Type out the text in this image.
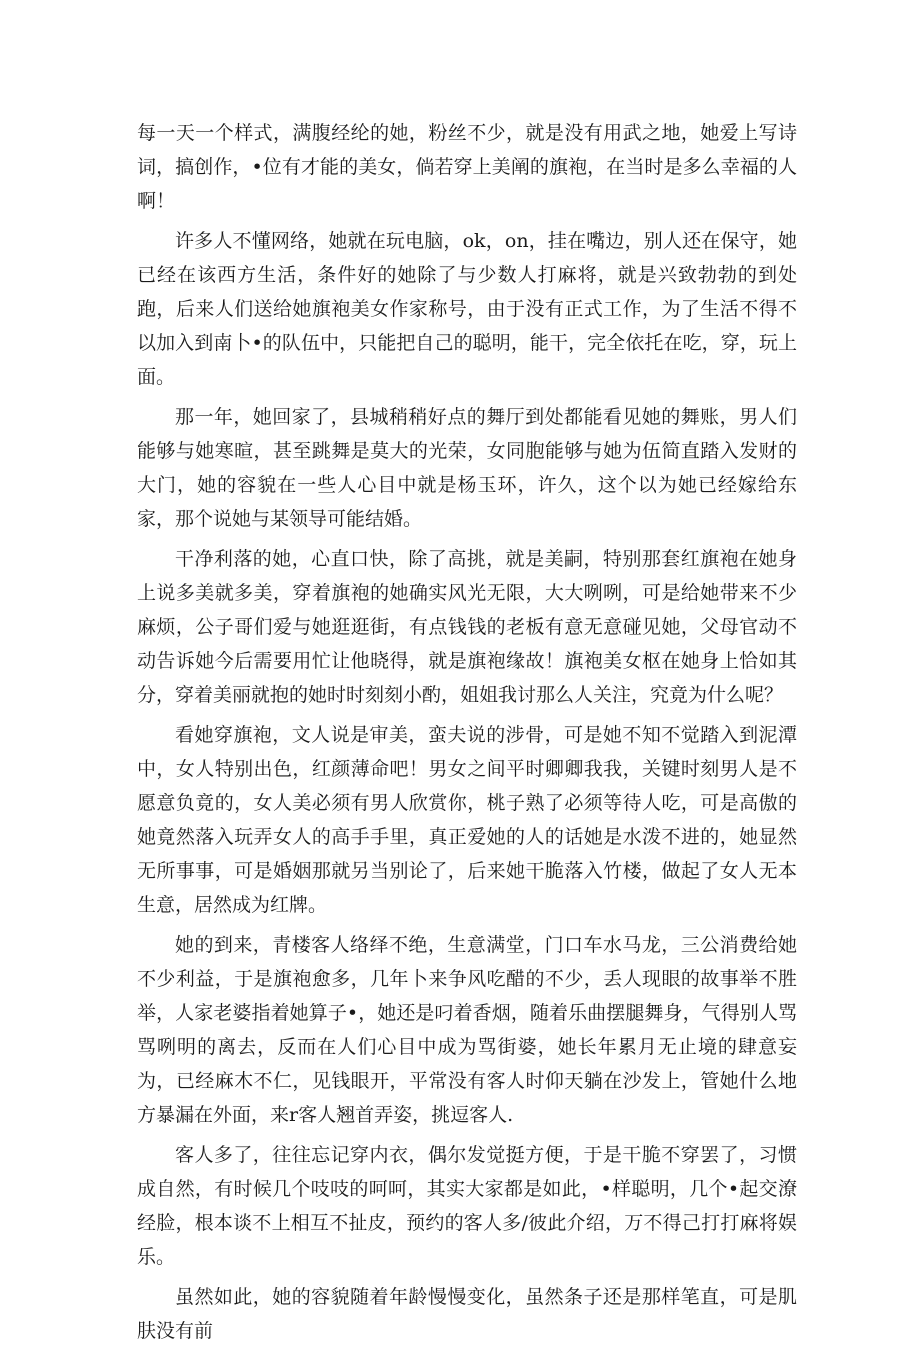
每一天一个样式，满腹经纶的她，粉丝不少，就是没有用武之地，她爱上写诗词，搞创作，•位有才能的美女，倘若穿上美阐的旗袍，在当时是多么幸福的人啊！

许多人不懂网络，她就在玩电脑，ok，on，挂在嘴边，别人还在保守，她已经在该西方生活，条件好的她除了与少数人打麻将，就是兴致勃勃的到处跑，后来人们送给她旗袍美女作家称号，由于没有正式工作，为了生活不得不以加入到南卜•的队伍中，只能把自己的聪明，能干，完全依托在吃，穿，玩上面。

那一年，她回家了，县城稍稍好点的舞厅到处都能看见她的舞账，男人们能够与她寒暄，甚至跳舞是莫大的光荣，女同胞能够与她为伍简直踏入发财的大门，她的容貌在一些人心目中就是杨玉环，许久，这个以为她已经嫁给东家，那个说她与某领导可能结婚。

干净利落的她，心直口快，除了高挑，就是美嗣，特别那套红旗袍在她身上说多美就多美，穿着旗袍的她确实风光无限，大大咧咧，可是给她带来不少麻烦，公子哥们爱与她逛逛街，有点钱钱的老板有意无意碰见她，父母官动不动告诉她今后需要用忙让他晓得，就是旗袍缘故！旗袍美女枢在她身上恰如其分，穿着美丽就抱的她时时刻刻小酌，姐姐我讨那么人关注，究竟为什么呢？

看她穿旗袍，文人说是审美，蛮夫说的涉骨，可是她不知不觉踏入到泥潭中，女人特别出色，红颜薄命吧！男女之间平时卿卿我我，关键时刻男人是不愿意负竟的，女人美必须有男人欣赏你，桃子熟了必须等待人吃，可是高傲的她竟然落入玩弄女人的高手手里，真正爱她的人的话她是水泼不进的，她显然无所事事，可是婚姻那就另当别论了，后来她干脆落入竹楼，做起了女人无本生意，居然成为红牌。

她的到来，青楼客人络绎不绝，生意满堂，门口车水马龙，三公消费给她不少利益，于是旗袍愈多，几年卜来争风吃醋的不少，丢人现眼的故事举不胜举，人家老婆指着她算子•，她还是叼着香烟，随着乐曲摆腿舞身，气得别人骂骂咧明的离去，反而在人们心目中成为骂街婆，她长年累月无止境的肆意妄为，已经麻木不仁，见钱眼开，平常没有客人时仰天躺在沙发上，管她什么地方暴漏在外面，来r客人翘首弄姿，挑逗客人.

客人多了，往往忘记穿内衣，偶尔发觉挺方便，于是干脆不穿罢了，习惯成自然，有时候几个吱吱的呵呵，其实大家都是如此，•样聪明，几个•起交潦经脸，根本谈不上相互不扯皮，预约的客人多/彼此介绍，万不得己打打麻将娱乐。

虽然如此，她的容貌随着年龄慢慢变化，虽然条子还是那样笔直，可是肌肤没有前
